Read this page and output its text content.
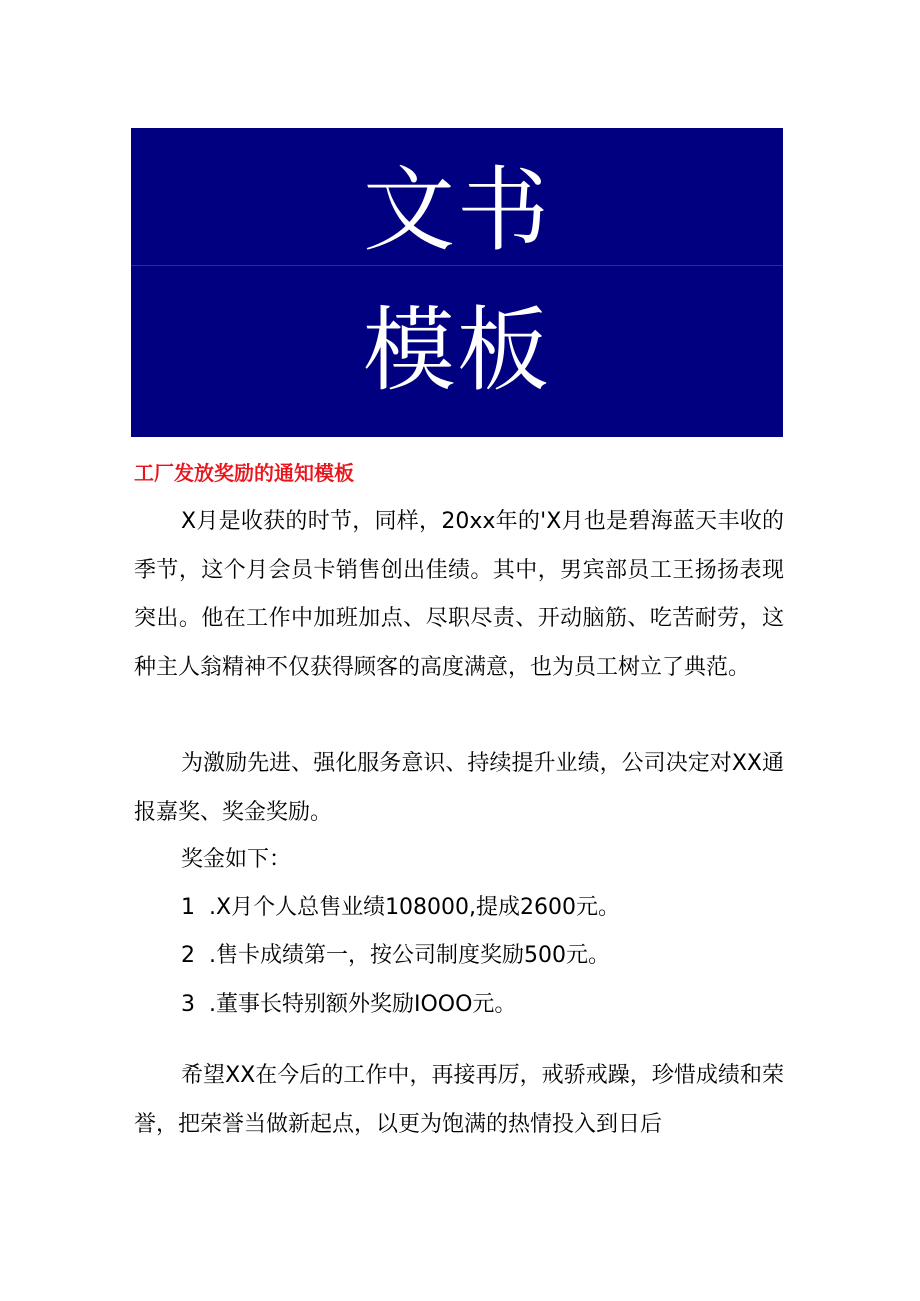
文书
模板
工厂发放奖励的通知模板

X月是收获的时节，同样，20xx年的'X月也是碧海蓝天丰收的季节，这个月会员卡销售创出佳绩。其中，男宾部员工王扬扬表现突出。他在工作中加班加点、尽职尽责、开动脑筋、吃苦耐劳，这种主人翁精神不仅获得顾客的高度满意，也为员工树立了典范。

为激励先进、强化服务意识、持续提升业绩，公司决定对XX通报嘉奖、奖金奖励。

奖金如下：

1 .X月个人总售业绩108000,提成2600元。

2 .售卡成绩第一，按公司制度奖励500元。

3 .董事长特别额外奖励IOOO元。

希望XX在今后的工作中，再接再厉，戒骄戒躁，珍惜成绩和荣誉，把荣誉当做新起点，以更为饱满的热情投入到日后
